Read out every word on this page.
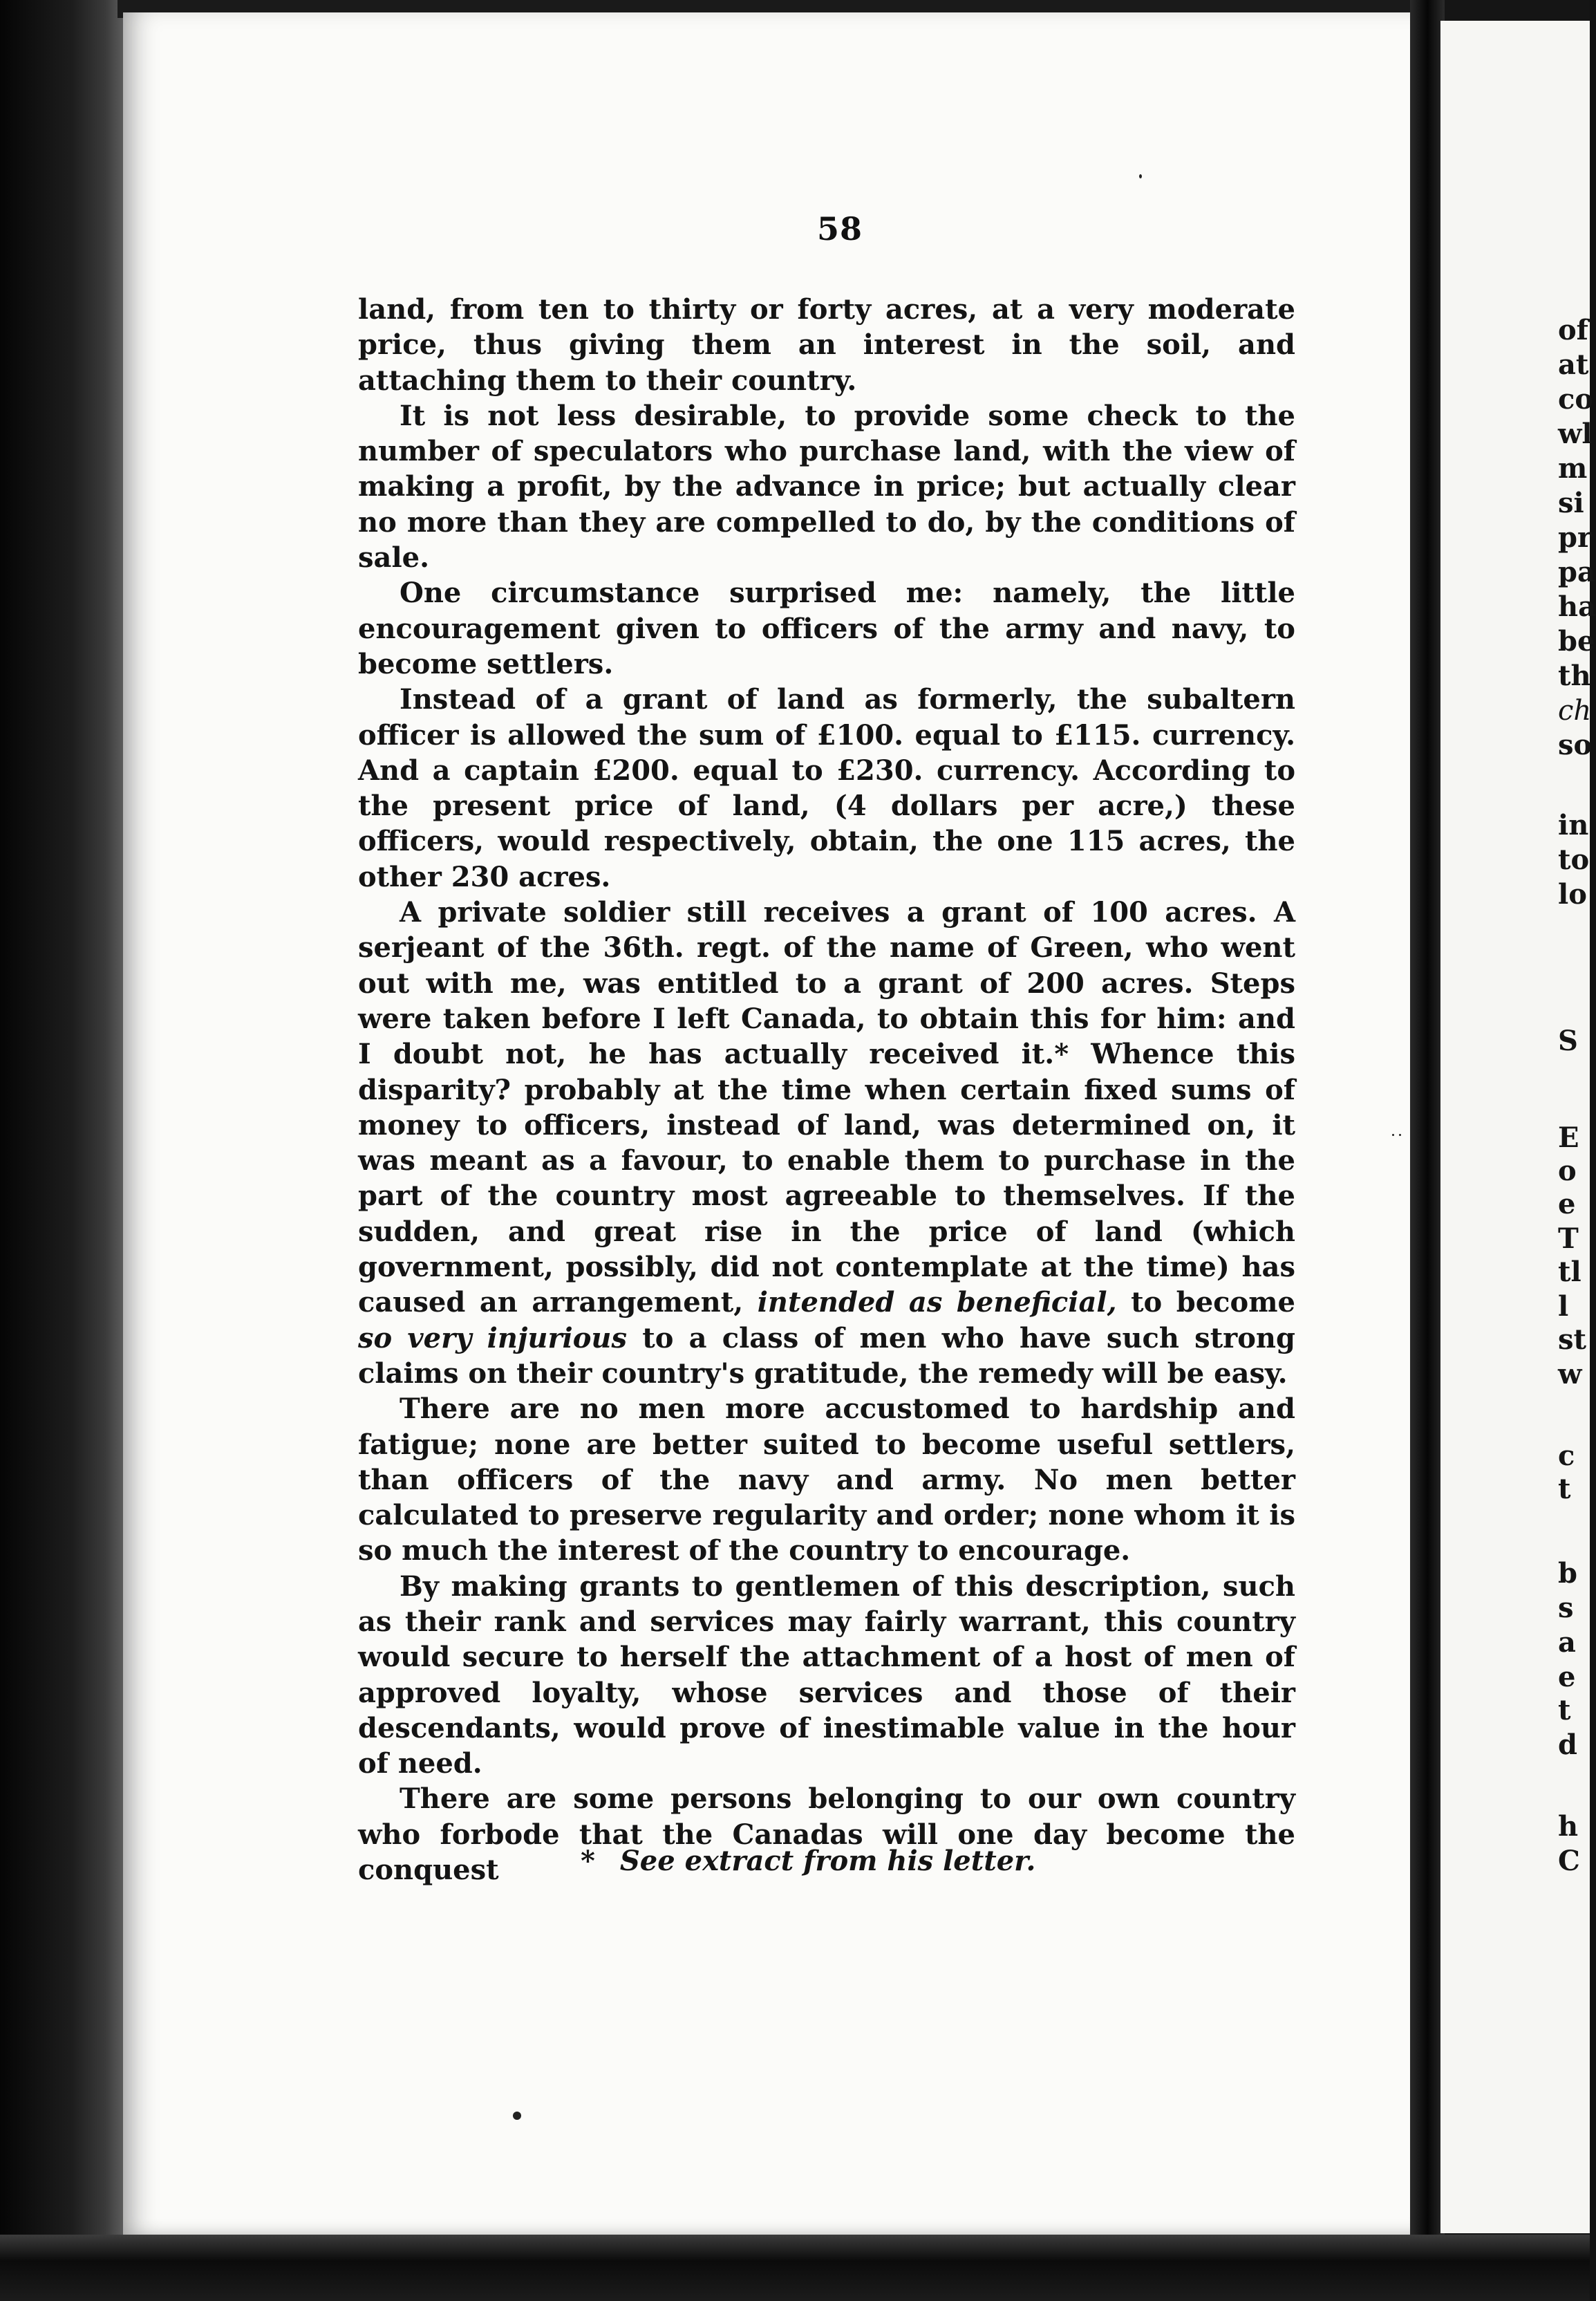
58

land, from ten to thirty or forty acres, at a very moderate price, thus giving them an interest in the soil, and attaching them to their country.

It is not less desirable, to provide some check to the number of speculators who purchase land, with the view of making a profit, by the advance in price; but actually clear no more than they are compelled to do, by the conditions of sale.

One circumstance surprised me: namely, the little encouragement given to officers of the army and navy, to become settlers.

Instead of a grant of land as formerly, the subaltern officer is allowed the sum of £100. equal to £115. currency. And a captain £200. equal to £230. currency. According to the present price of land, (4 dollars per acre,) these officers, would respectively, obtain, the one 115 acres, the other 230 acres.

A private soldier still receives a grant of 100 acres. A serjeant of the 36th. regt. of the name of Green, who went out with me, was entitled to a grant of 200 acres. Steps were taken before I left Canada, to obtain this for him: and I doubt not, he has actually received it.* Whence this disparity? probably at the time when certain fixed sums of money to officers, instead of land, was determined on, it was meant as a favour, to enable them to purchase in the part of the country most agreeable to themselves. If the sudden, and great rise in the price of land (which government, possibly, did not contemplate at the time) has caused an arrangement, intended as beneficial, to become so very injurious to a class of men who have such strong claims on their country's gratitude, the remedy will be easy.

There are no men more accustomed to hardship and fatigue; none are better suited to become useful settlers, than officers of the navy and army. No men better calculated to preserve regularity and order; none whom it is so much the interest of the country to encourage.

By making grants to gentlemen of this description, such as their rank and services may fairly warrant, this country would secure to herself the attachment of a host of men of approved loyalty, whose services and those of their descendants, would prove of inestimable value in the hour of need.

There are some persons belonging to our own country who forbode that the Canadas will one day become the conquest	* See extract from his letter.
of
at
co
wl
m
si
pr
pa
ha
be
th
ch
so
in
to
lo
S
E
o
e
T
tl
l
st
w
c
t
b
s
a
e
t
d
h
C
